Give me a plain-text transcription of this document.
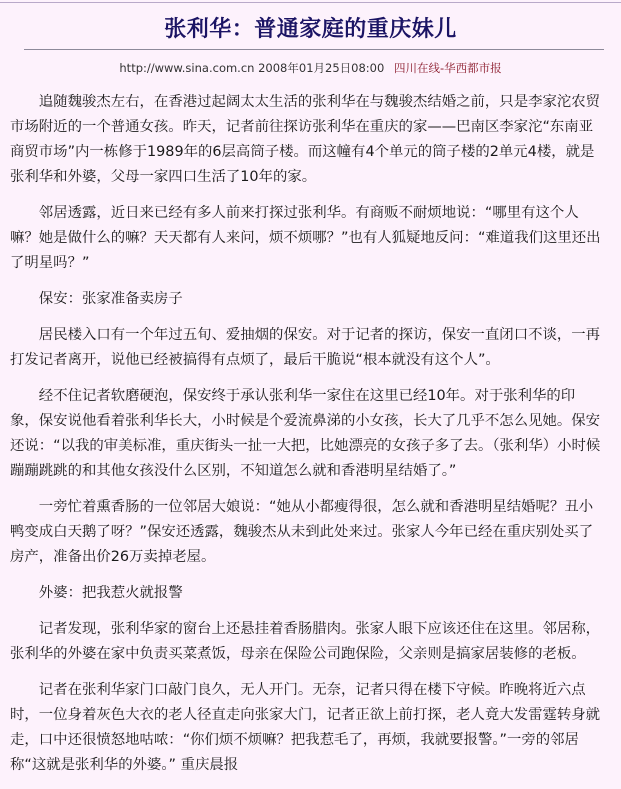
张利华：普通家庭的重庆妹儿
http://www.sina.com.cn 2008年01月25日08:00 四川在线-华西都市报

追随魏骏杰左右，在香港过起阔太太生活的张利华在与魏骏杰结婚之前，只是李家沱农贸市场附近的一个普通女孩。昨天，记者前往探访张利华在重庆的家——巴南区李家沱“东南亚商贸市场”内一栋修于1989年的6层高筒子楼。而这幢有4个单元的筒子楼的2单元4楼，就是张利华和外婆，父母一家四口生活了10年的家。

邻居透露，近日来已经有多人前来打探过张利华。有商贩不耐烦地说：“哪里有这个人嘛？她是做什么的嘛？天天都有人来问，烦不烦哪？”也有人狐疑地反问：“难道我们这里还出了明星吗？”

保安：张家准备卖房子

居民楼入口有一个年过五旬、爱抽烟的保安。对于记者的探访，保安一直闭口不谈，一再打发记者离开，说他已经被搞得有点烦了，最后干脆说“根本就没有这个人”。

经不住记者软磨硬泡，保安终于承认张利华一家住在这里已经10年。对于张利华的印象，保安说他看着张利华长大，小时候是个爱流鼻涕的小女孩，长大了几乎不怎么见她。保安还说：“以我的审美标准，重庆街头一扯一大把，比她漂亮的女孩子多了去。（张利华）小时候蹦蹦跳跳的和其他女孩没什么区别，不知道怎么就和香港明星结婚了。”

一旁忙着熏香肠的一位邻居大娘说：“她从小都瘦得很，怎么就和香港明星结婚呢？丑小鸭变成白天鹅了呀？”保安还透露，魏骏杰从未到此处来过。张家人今年已经在重庆别处买了房产，准备出价26万卖掉老屋。

外婆：把我惹火就报警

记者发现，张利华家的窗台上还悬挂着香肠腊肉。张家人眼下应该还住在这里。邻居称，张利华的外婆在家中负责买菜煮饭，母亲在保险公司跑保险，父亲则是搞家居装修的老板。

记者在张利华家门口敲门良久，无人开门。无奈，记者只得在楼下守候。昨晚将近六点时，一位身着灰色大衣的老人径直走向张家大门，记者正欲上前打探，老人竟大发雷霆转身就走，口中还很愤怒地咕哝：“你们烦不烦嘛？把我惹毛了，再烦，我就要报警。”一旁的邻居称“这就是张利华的外婆。” 重庆晨报
